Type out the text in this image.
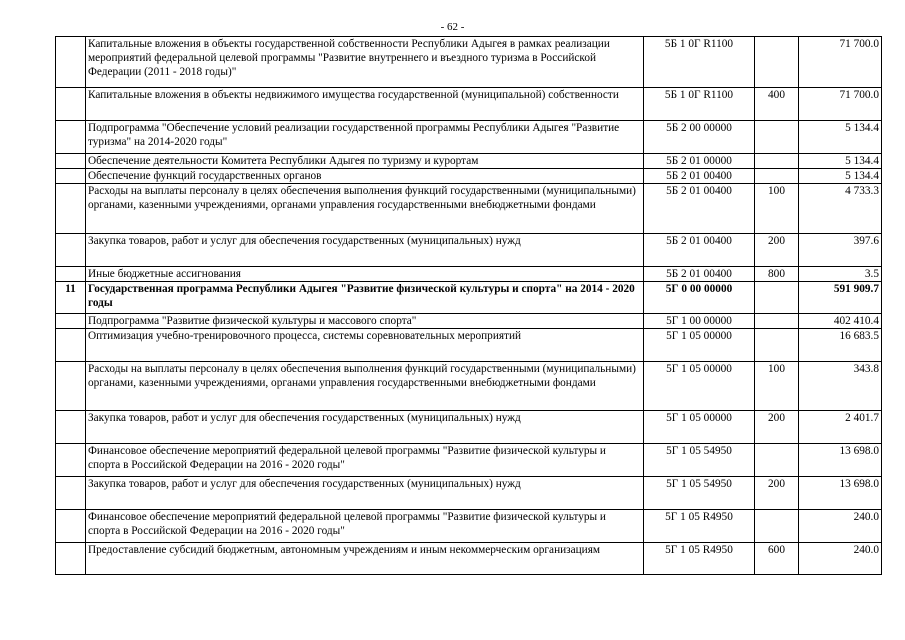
- 62 -
	Капитальные вложения в объекты государственной собственности Республики Адыгея в рамках реализации мероприятий федеральной целевой программы "Развитие внутреннего и въездного туризма в Российской Федерации (2011 - 2018 годы)"	5Б 1 0Г R1100		71 700.0
	Капитальные вложения в объекты недвижимого имущества государственной (муниципальной) собственности	5Б 1 0Г R1100	400	71 700.0
	Подпрограмма "Обеспечение условий реализации государственной программы Республики Адыгея "Развитие туризма" на 2014-2020 годы"	5Б 2 00 00000		5 134.4
	Обеспечение деятельности Комитета Республики Адыгея по туризму и курортам	5Б 2 01 00000		5 134.4
	Обеспечение функций государственных органов	5Б 2 01 00400		5 134.4
	Расходы на выплаты персоналу в целях обеспечения выполнения функций государственными (муниципальными) органами, казенными учреждениями, органами управления государственными внебюджетными фондами	5Б 2 01 00400	100	4 733.3
	Закупка товаров, работ и услуг для обеспечения государственных (муниципальных) нужд	5Б 2 01 00400	200	397.6
	Иные бюджетные ассигнования	5Б 2 01 00400	800	3.5
11	Государственная программа Республики Адыгея "Развитие физической культуры и спорта" на 2014 - 2020 годы	5Г 0 00 00000		591 909.7
	Подпрограмма "Развитие физической культуры и массового спорта"	5Г 1 00 00000		402 410.4
	Оптимизация учебно-тренировочного процесса, системы соревновательных мероприятий	5Г 1 05 00000		16 683.5
	Расходы на выплаты персоналу в целях обеспечения выполнения функций государственными (муниципальными) органами, казенными учреждениями, органами управления государственными внебюджетными фондами	5Г 1 05 00000	100	343.8
	Закупка товаров, работ и услуг для обеспечения государственных (муниципальных) нужд	5Г 1 05 00000	200	2 401.7
	Финансовое обеспечение мероприятий федеральной целевой программы "Развитие физической культуры и спорта в Российской Федерации на 2016 - 2020 годы"	5Г 1 05 54950		13 698.0
	Закупка товаров, работ и услуг для обеспечения государственных (муниципальных) нужд	5Г 1 05 54950	200	13 698.0
	Финансовое обеспечение мероприятий федеральной целевой программы "Развитие физической культуры и спорта в Российской Федерации на 2016 - 2020 годы"	5Г 1 05 R4950		240.0
	Предоставление субсидий бюджетным, автономным учреждениям и иным некоммерческим организациям	5Г 1 05 R4950	600	240.0
